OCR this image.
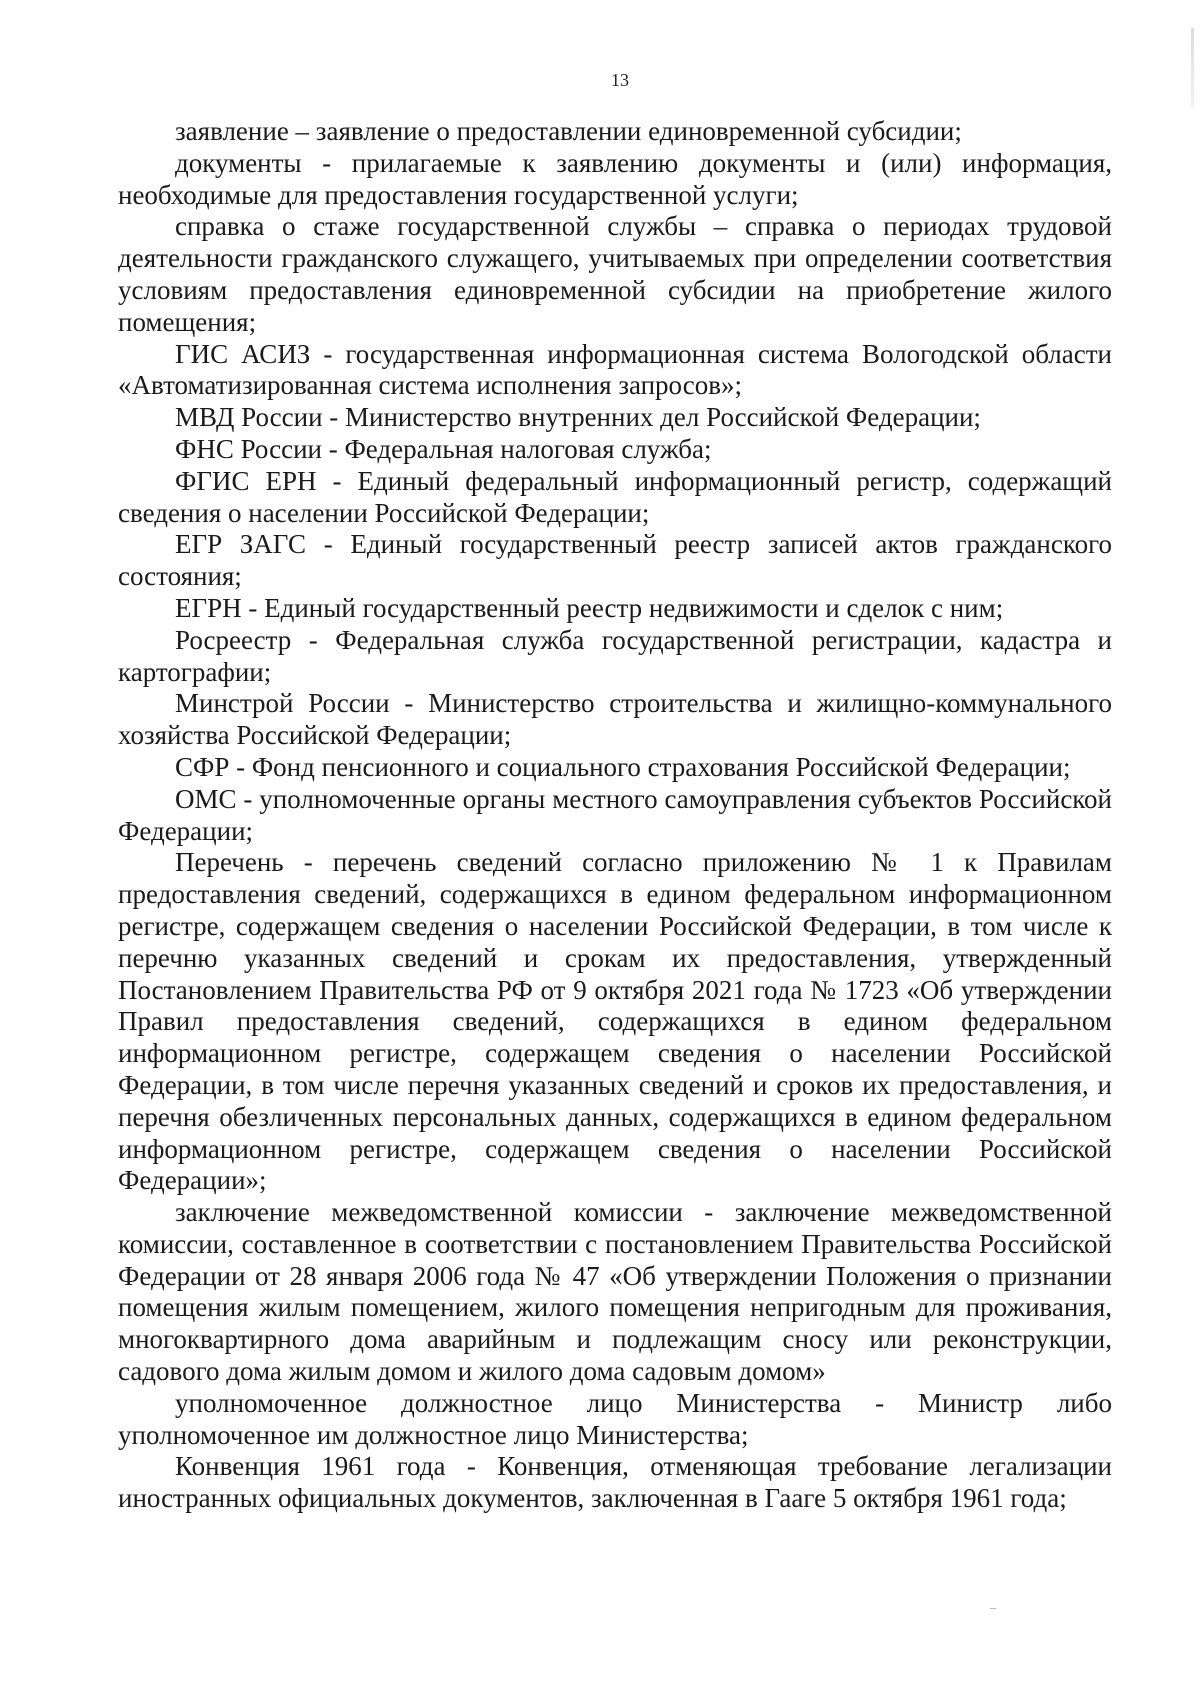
13

заявление – заявление о предоставлении единовременной субсидии;

документы - прилагаемые к заявлению документы и (или) информация, необходимые для предоставления государственной услуги;

справка о стаже государственной службы – справка о периодах трудовой деятельности гражданского служащего, учитываемых при определении соответствия условиям предоставления единовременной субсидии на приобретение жилого помещения;

ГИС АСИЗ - государственная информационная система Вологодской области «Автоматизированная система исполнения запросов»;

МВД России - Министерство внутренних дел Российской Федерации;

ФНС России - Федеральная налоговая служба;

ФГИС ЕРН - Единый федеральный информационный регистр, содержащий сведения о населении Российской Федерации;

ЕГР ЗАГС - Единый государственный реестр записей актов гражданского состояния;

ЕГРН - Единый государственный реестр недвижимости и сделок с ним;

Росреестр - Федеральная служба государственной регистрации, кадастра и картографии;

Минстрой России - Министерство строительства и жилищно-коммунального хозяйства Российской Федерации;

СФР - Фонд пенсионного и социального страхования Российской Федерации;

ОМС - уполномоченные органы местного самоуправления субъектов Российской Федерации;

Перечень - перечень сведений согласно приложению № 1 к Правилам предоставления сведений, содержащихся в едином федеральном информационном регистре, содержащем сведения о населении Российской Федерации, в том числе к перечню указанных сведений и срокам их предоставления, утвержденный Постановлением Правительства РФ от 9 октября 2021 года № 1723 «Об утверждении Правил предоставления сведений, содержащихся в едином федеральном информационном регистре, содержащем сведения о населении Российской Федерации, в том числе перечня указанных сведений и сроков их предоставления, и перечня обезличенных персональных данных, содержащихся в едином федеральном информационном регистре, содержащем сведения о населении Российской Федерации»;

заключение межведомственной комиссии - заключение межведомственной комиссии, составленное в соответствии с постановлением Правительства Российской Федерации от 28 января 2006 года № 47 «Об утверждении Положения о признании помещения жилым помещением, жилого помещения непригодным для проживания, многоквартирного дома аварийным и подлежащим сносу или реконструкции, садового дома жилым домом и жилого дома садовым домом»

уполномоченное должностное лицо Министерства - Министр либо уполномоченное им должностное лицо Министерства;

Конвенция 1961 года - Конвенция, отменяющая требование легализации иностранных официальных документов, заключенная в Гааге 5 октября 1961 года;
